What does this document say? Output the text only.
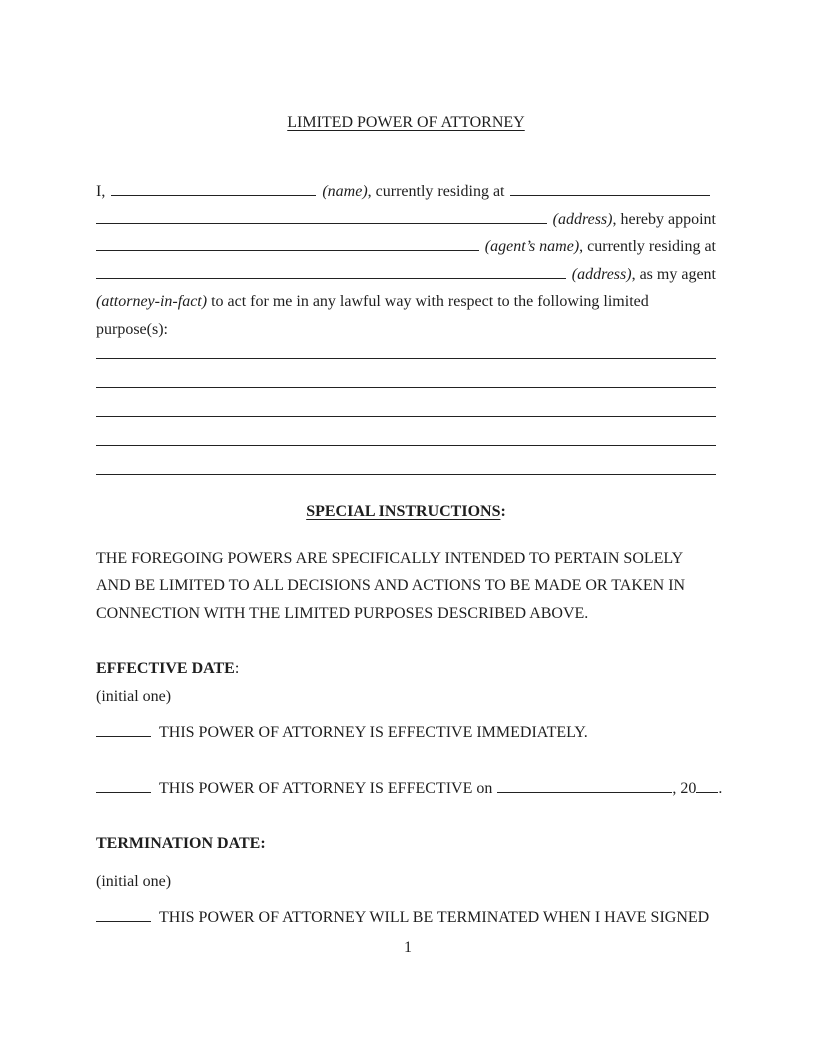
LIMITED POWER OF ATTORNEY
I,	(name) , currently residing at
(address) , hereby appoint
(agent’s name) , currently residing at
(address) , as my agent
(attorney-in-fact) to act for me in any lawful way with respect to the following limited
purpose(s):
SPECIAL INSTRUCTIONS:

THE FOREGOING POWERS ARE SPECIFICALLY INTENDED TO PERTAIN SOLELY AND BE LIMITED TO ALL DECISIONS AND ACTIONS TO BE MADE OR TAKEN IN CONNECTION WITH THE LIMITED PURPOSES DESCRIBED ABOVE.

EFFECTIVE DATE:
(initial one)
THIS POWER OF ATTORNEY IS EFFECTIVE IMMEDIATELY.
THIS POWER OF ATTORNEY IS EFFECTIVE on	, 20 .
TERMINATION DATE:
(initial one)
THIS POWER OF ATTORNEY WILL BE TERMINATED WHEN I HAVE SIGNED
1
